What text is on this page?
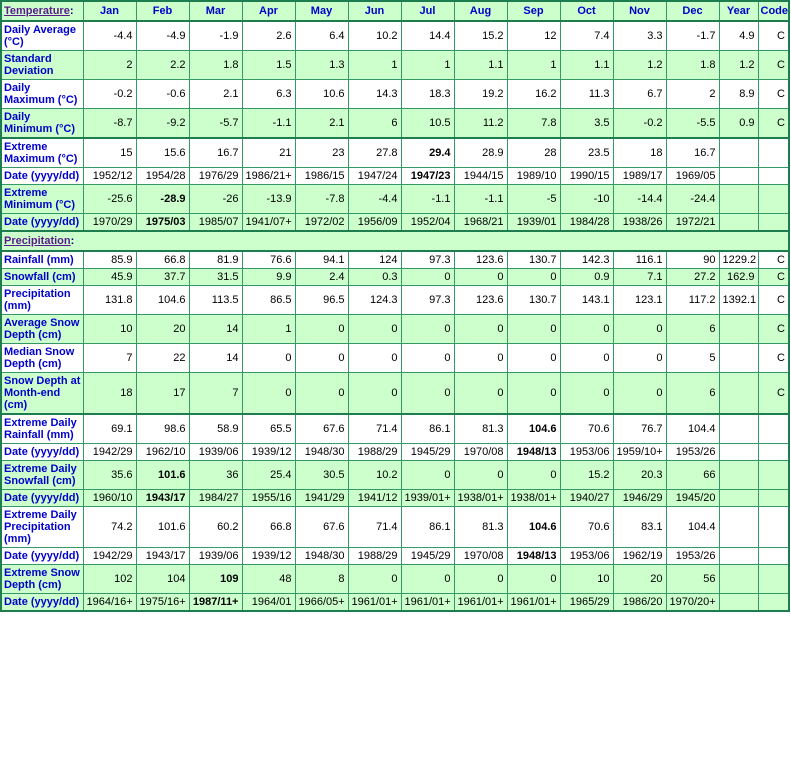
Temperature:	Jan	Feb	Mar	Apr	May	Jun	Jul	Aug	Sep	Oct	Nov	Dec	Year	Code
Daily Average (°C)	-4.4	-4.9	-1.9	2.6	6.4	10.2	14.4	15.2	12	7.4	3.3	-1.7	4.9	C
Standard Deviation	2	2.2	1.8	1.5	1.3	1	1	1.1	1	1.1	1.2	1.8	1.2	C
Daily Maximum (°C)	-0.2	-0.6	2.1	6.3	10.6	14.3	18.3	19.2	16.2	11.3	6.7	2	8.9	C
Daily Minimum (°C)	-8.7	-9.2	-5.7	-1.1	2.1	6	10.5	11.2	7.8	3.5	-0.2	-5.5	0.9	C
Extreme Maximum (°C)	15	15.6	16.7	21	23	27.8	29.4	28.9	28	23.5	18	16.7		
Date (yyyy/dd)	1952/12	1954/28	1976/29	1986/21+	1986/15	1947/24	1947/23	1944/15	1989/10	1990/15	1989/17	1969/05		
Extreme Minimum (°C)	-25.6	-28.9	-26	-13.9	-7.8	-4.4	-1.1	-1.1	-5	-10	-14.4	-24.4		
Date (yyyy/dd)	1970/29	1975/03	1985/07	1941/07+	1972/02	1956/09	1952/04	1968/21	1939/01	1984/28	1938/26	1972/21		
Precipitation:														
Rainfall (mm)	85.9	66.8	81.9	76.6	94.1	124	97.3	123.6	130.7	142.3	116.1	90	1229.2	C
Snowfall (cm)	45.9	37.7	31.5	9.9	2.4	0.3	0	0	0	0.9	7.1	27.2	162.9	C
Precipitation (mm)	131.8	104.6	113.5	86.5	96.5	124.3	97.3	123.6	130.7	143.1	123.1	117.2	1392.1	C
Average Snow Depth (cm)	10	20	14	1	0	0	0	0	0	0	0	6		C
Median Snow Depth (cm)	7	22	14	0	0	0	0	0	0	0	0	5		C
Snow Depth at Month-end (cm)	18	17	7	0	0	0	0	0	0	0	0	6		C
Extreme Daily Rainfall (mm)	69.1	98.6	58.9	65.5	67.6	71.4	86.1	81.3	104.6	70.6	76.7	104.4		
Date (yyyy/dd)	1942/29	1962/10	1939/06	1939/12	1948/30	1988/29	1945/29	1970/08	1948/13	1953/06	1959/10+	1953/26		
Extreme Daily Snowfall (cm)	35.6	101.6	36	25.4	30.5	10.2	0	0	0	15.2	20.3	66		
Date (yyyy/dd)	1960/10	1943/17	1984/27	1955/16	1941/29	1941/12	1939/01+	1938/01+	1938/01+	1940/27	1946/29	1945/20		
Extreme Daily Precipitation (mm)	74.2	101.6	60.2	66.8	67.6	71.4	86.1	81.3	104.6	70.6	83.1	104.4		
Date (yyyy/dd)	1942/29	1943/17	1939/06	1939/12	1948/30	1988/29	1945/29	1970/08	1948/13	1953/06	1962/19	1953/26		
Extreme Snow Depth (cm)	102	104	109	48	8	0	0	0	0	10	20	56		
Date (yyyy/dd)	1964/16+	1975/16+	1987/11+	1964/01	1966/05+	1961/01+	1961/01+	1961/01+	1961/01+	1965/29	1986/20	1970/20+		
